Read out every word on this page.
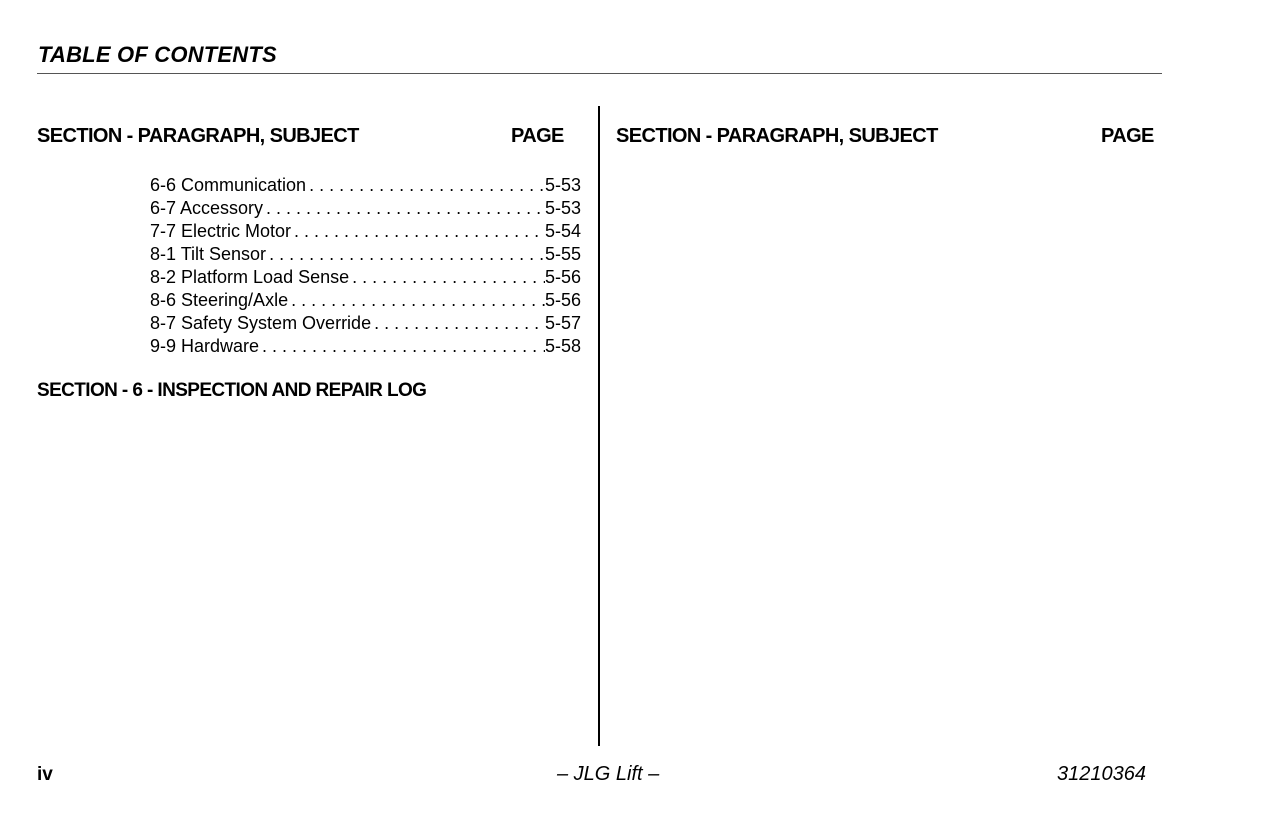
TABLE OF CONTENTS
SECTION - PARAGRAPH, SUBJECT	PAGE	SECTION - PARAGRAPH, SUBJECT	PAGE
6-6 Communication . . .	5-53
6-7 Accessory . . .	5-53
7-7 Electric Motor . . .	5-54
8-1 Tilt Sensor . . .	5-55
8-2 Platform Load Sense . . .	5-56
8-6 Steering/Axle . . .	5-56
8-7 Safety System Override . . .	5-57
9-9 Hardware . . .	5-58
SECTION - 6 - INSPECTION AND REPAIR LOG
iv	– JLG Lift –	31210364
